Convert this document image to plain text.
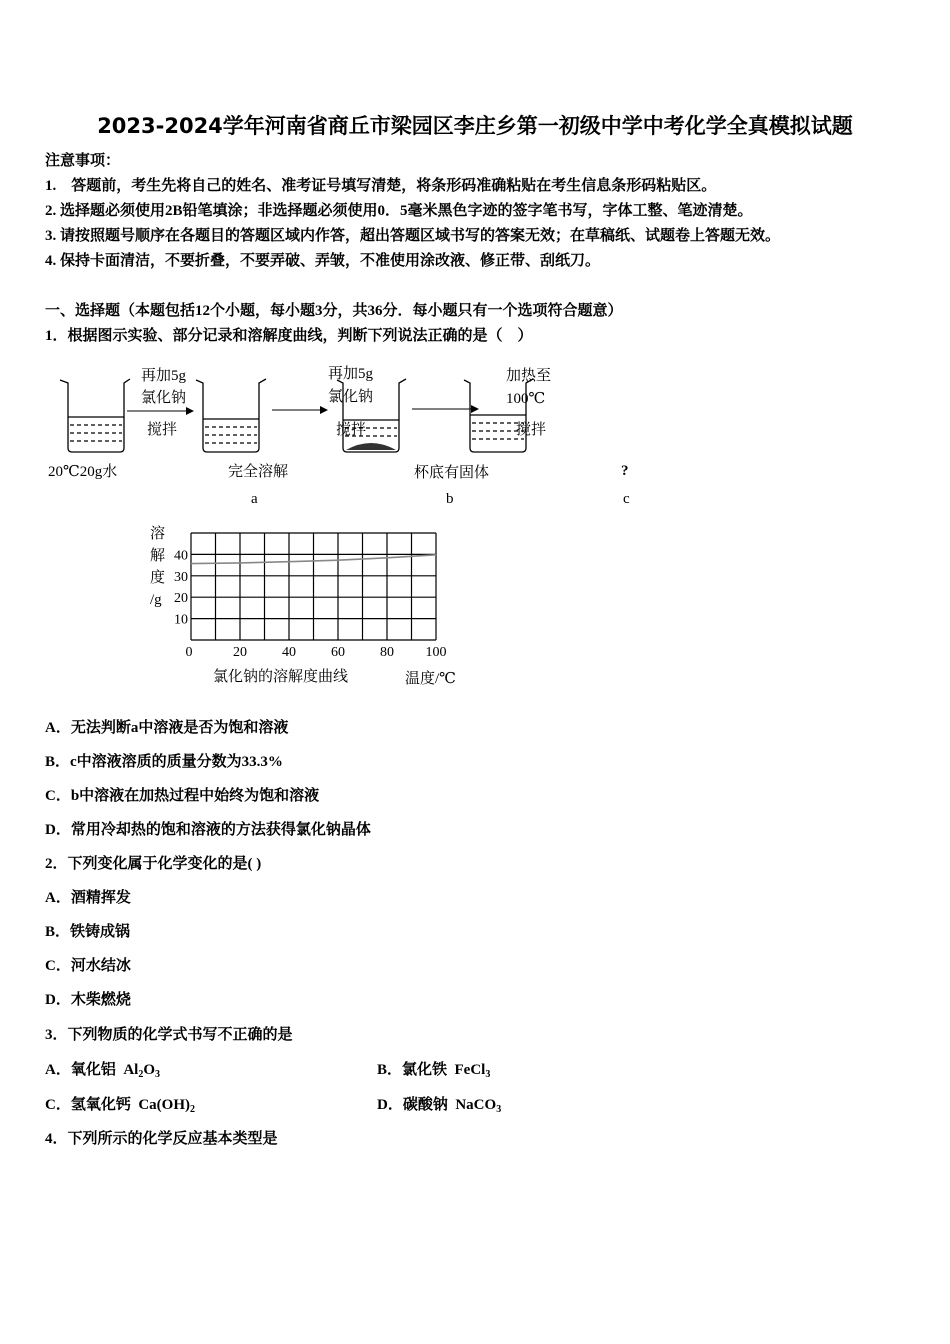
2023-2024学年河南省商丘市梁园区李庄乡第一初级中学中考化学全真模拟试题
注意事项：
1.　答题前，考生先将自己的姓名、准考证号填写清楚，将条形码准确粘贴在考生信息条形码粘贴区。
2. 选择题必须使用2B铅笔填涂；非选择题必须使用0．5毫米黑色字迹的签字笔书写，字体工整、笔迹清楚。
3. 请按照题号顺序在各题目的答题区域内作答，超出答题区域书写的答案无效；在草稿纸、试题卷上答题无效。
4. 保持卡面清洁，不要折叠，不要弄破、弄皱，不准使用涂改液、修正带、刮纸刀。
一、选择题（本题包括12个小题，每小题3分，共36分．每小题只有一个选项符合题意）
1．根据图示实验、部分记录和溶解度曲线，判断下列说法正确的是（　）
20℃20g水
再加5g
氯化钠
搅拌
完全溶解
a
再加5g
氯化钠
搅拌
杯底有固体
b
加热至
100℃
搅拌
?
c
10
20
30
40
0	20	40	60	80 100
溶
解
度
/g
氯化钠的溶解度曲线	温度/℃
A．无法判断a中溶液是否为饱和溶液
B．c中溶液溶质的质量分数为33.3%
C．b中溶液在加热过程中始终为饱和溶液
D．常用冷却热的饱和溶液的方法获得氯化钠晶体
2．下列变化属于化学变化的是( )
A．酒精挥发
B．铁铸成锅
C．河水结冰
D．木柴燃烧
3．下列物质的化学式书写不正确的是
A．氧化铝 $Al_2O_3$	B．氯化铁 FeCl$_3$
C．氢氧化钙 $Ca(OH)_2$	D．碳酸钠 NaCO$_3$
4．下列所示的化学反应基本类型是
